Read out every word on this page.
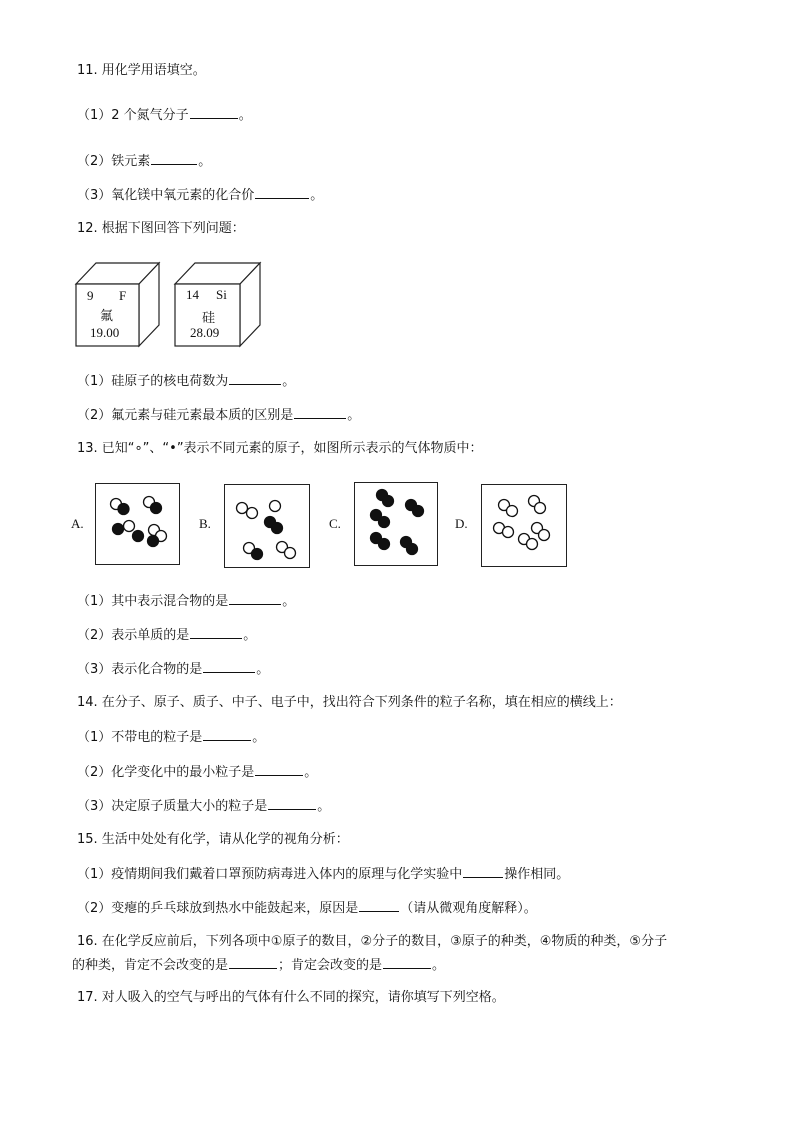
11. 用化学用语填空。
（1）2 个氮气分子	。
（2）铁元素	。
（3）氧化镁中氧元素的化合价	。
12. 根据下图回答下列问题：
9 F
氟
19.00
14 Si
硅
28.09
（1）硅原子的核电荷数为	。
（2）氟元素与硅元素最本质的区别是	。
13. 已知“∘”、“•”表示不同元素的原子，如图所示表示的气体物质中：
A.	B.	C.	D.
（1）其中表示混合物的是	。
（2）表示单质的是	。
（3）表示化合物的是	。
14. 在分子、原子、质子、中子、电子中，找出符合下列条件的粒子名称，填在相应的横线上：
（1）不带电的粒子是	。
（2）化学变化中的最小粒子是	。
（3）决定原子质量大小的粒子是	。
15. 生活中处处有化学，请从化学的视角分析：
（1）疫情期间我们戴着口罩预防病毒进入体内的原理与化学实验中	操作相同。
（2）变瘪的乒乓球放到热水中能鼓起来，原因是	（请从微观角度解释）。
16. 在化学反应前后，下列各项中①原子的数目，②分子的数目，③原子的种类，④物质的种类，⑤分子
的种类，肯定不会改变的是	；肯定会改变的是	。
17. 对人吸入的空气与呼出的气体有什么不同的探究，请你填写下列空格。
